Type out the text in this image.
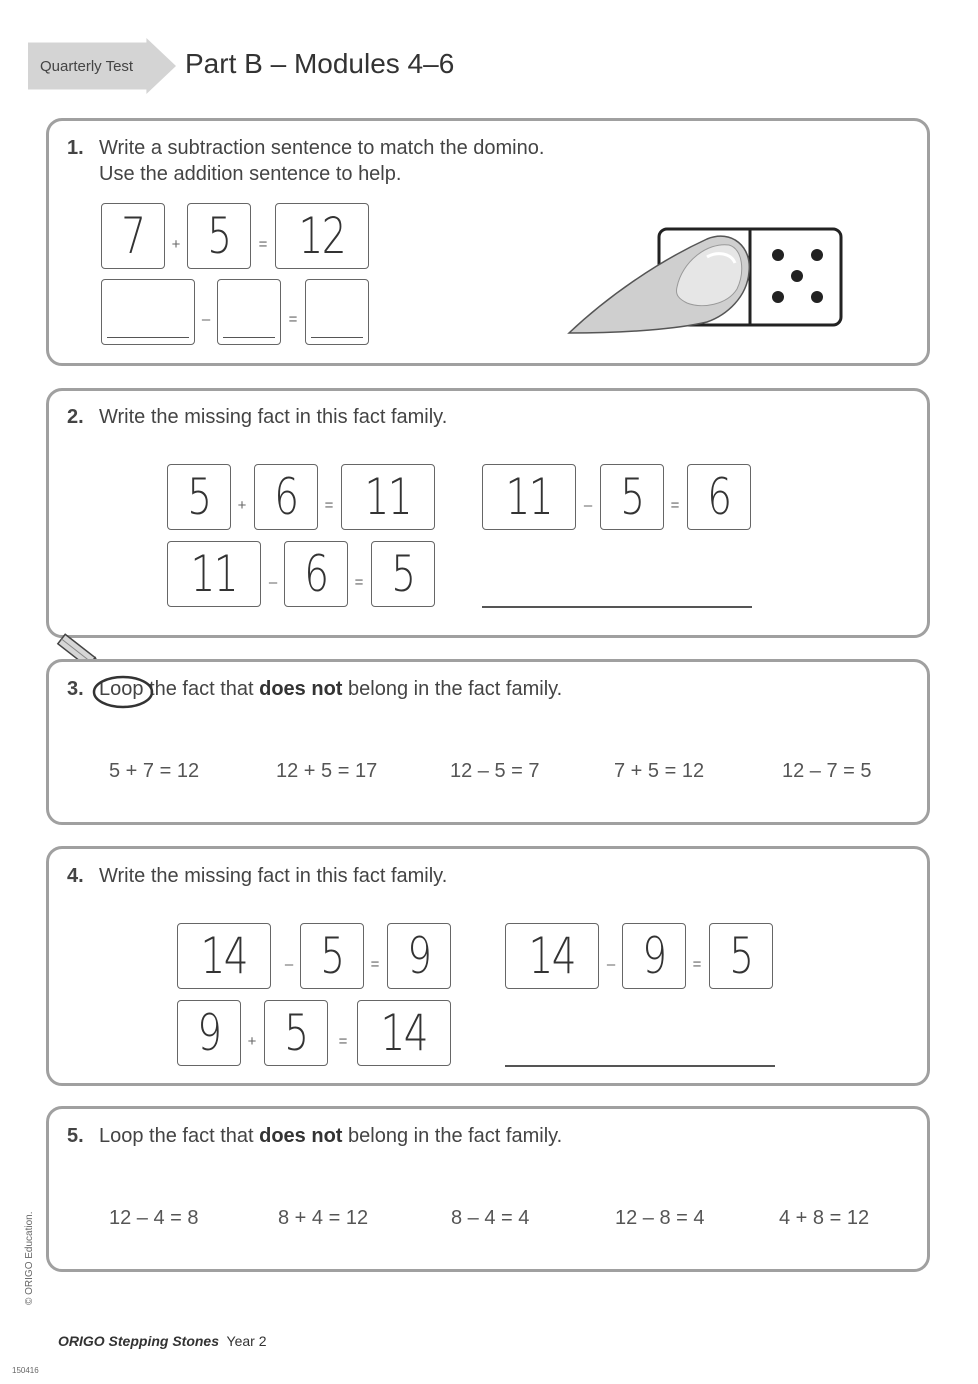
Quarterly Test Part B – Modules 4–6
1. Write a subtraction sentence to match the domino.
Use the addition sentence to help.
7 + 5 = 12
–	=
2. Write the missing fact in this fact family.
5 + 6 = 11 11 – 5 = 6
11 – 6 = 5
3. Loop the fact that does not belong in the fact family.
5 + 7 = 12	12 + 5 = 17	12 – 5 = 7	7 + 5 = 12	12 – 7 = 5
4. Write the missing fact in this fact family.
14	– 5 = 9 14 – 9 = 5
9 + 5 = 14
5. Loop the fact that does not belong in the fact family.
12 – 4 = 8	8 + 4 = 12	8 – 4 = 4	12 – 8 = 4	4 + 8 = 12
© ORIGO Education.
ORIGO Stepping Stones Year 2
150416
